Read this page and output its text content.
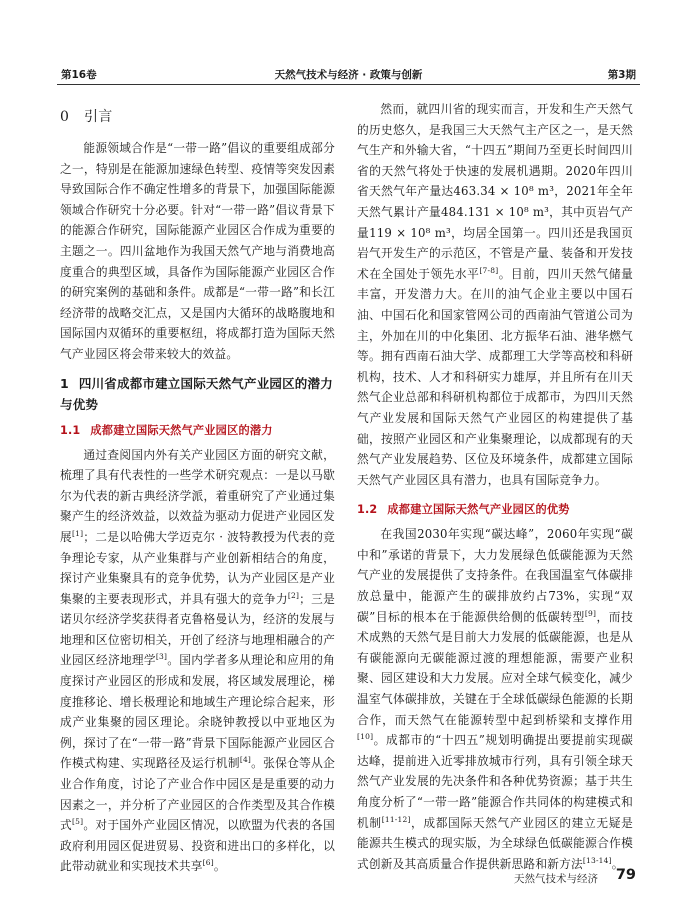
第16卷	天然气技术与经济 · 政策与创新	第3期
0 引言

能源领域合作是“一带一路”倡议的重要组成部分之一，特别是在能源加速绿色转型、疫情等突发因素导致国际合作不确定性增多的背景下，加强国际能源领域合作研究十分必要。针对“一带一路”倡议背景下的能源合作研究，国际能源产业园区合作成为重要的主题之一。四川盆地作为我国天然气产地与消费地高度重合的典型区域，具备作为国际能源产业园区合作的研究案例的基础和条件。成都是“一带一路”和长江经济带的战略交汇点，又是国内大循环的战略腹地和国际国内双循环的重要枢纽，将成都打造为国际天然气产业园区将会带来较大的效益。

1 四川省成都市建立国际天然气产业园区的潜力与优势
1.1 成都建立国际天然气产业园区的潜力

通过查阅国内外有关产业园区方面的研究文献，梳理了具有代表性的一些学术研究观点：一是以马歇尔为代表的新古典经济学派，着重研究了产业通过集聚产生的经济效益，以效益为驱动力促进产业园区发展[1]；二是以哈佛大学迈克尔 · 波特教授为代表的竞争理论专家，从产业集群与产业创新相结合的角度，探讨产业集聚具有的竞争优势，认为产业园区是产业集聚的主要表现形式，并具有强大的竞争力[2]；三是诺贝尔经济学奖获得者克鲁格曼认为，经济的发展与地理和区位密切相关，开创了经济与地理相融合的产业园区经济地理学[3]。国内学者多从理论和应用的角度探讨产业园区的形成和发展，将区域发展理论，梯度推移论、增长极理论和地域生产理论综合起来，形成产业集聚的园区理论。余晓钟教授以中亚地区为例，探讨了在“一带一路”背景下国际能源产业园区合作模式构建、实现路径及运行机制[4]。张保仓等从企业合作角度，讨论了产业合作中园区是是重要的动力因素之一，并分析了产业园区的合作类型及其合作模式[5]。对于国外产业园区情况，以欧盟为代表的各国政府利用园区促进贸易、投资和进出口的多样化，以此带动就业和实现技术共享[6]。

然而，就四川省的现实而言，开发和生产天然气的历史悠久，是我国三大天然气主产区之一，是天然气生产和外输大省，“十四五”期间乃至更长时间四川省的天然气将处于快速的发展机遇期。2020年四川省天然气年产量达463.34 × 10⁸ m³，2021年全年天然气累计产量484.131 × 10⁸ m³，其中页岩气产量119 × 10⁸ m³，均居全国第一。四川还是我国页岩气开发生产的示范区，不管是产量、装备和开发技术在全国处于领先水平[7-8]。目前，四川天然气储量丰富，开发潜力大。在川的油气企业主要以中国石油、中国石化和国家管网公司的西南油气管道公司为主，外加在川的中化集团、北方振华石油、港华燃气等。拥有西南石油大学、成都理工大学等高校和科研机构，技术、人才和科研实力雄厚，并且所有在川天然气企业总部和科研机构都位于成都市，为四川天然气产业发展和国际天然气产业园区的构建提供了基础，按照产业园区和产业集聚理论，以成都现有的天然气产业发展趋势、区位及环境条件，成都建立国际天然气产业园区具有潜力，也具有国际竞争力。

1.2 成都建立国际天然气产业园区的优势

在我国2030年实现“碳达峰”，2060年实现“碳中和”承诺的背景下，大力发展绿色低碳能源为天然气产业的发展提供了支持条件。在我国温室气体碳排放总量中，能源产生的碳排放约占73%，实现“双碳”目标的根本在于能源供给侧的低碳转型[9]，而技术成熟的天然气是目前大力发展的低碳能源，也是从有碳能源向无碳能源过渡的理想能源，需要产业积聚、园区建设和大力发展。应对全球气候变化，减少温室气体碳排放，关键在于全球低碳绿色能源的长期合作，而天然气在能源转型中起到桥梁和支撑作用[10]。成都市的“十四五”规划明确提出要提前实现碳达峰，提前进入近零排放城市行列，具有引领全球天然气产业发展的先决条件和各种优势资源；基于共生角度分析了“一带一路”能源合作共同体的构建模式和机制[11-12]，成都国际天然气产业园区的建立无疑是能源共生模式的现实版，为全球绿色低碳能源合作模式创新及其高质量合作提供新思路和新方法[13-14]。

天然气技术与经济 79
